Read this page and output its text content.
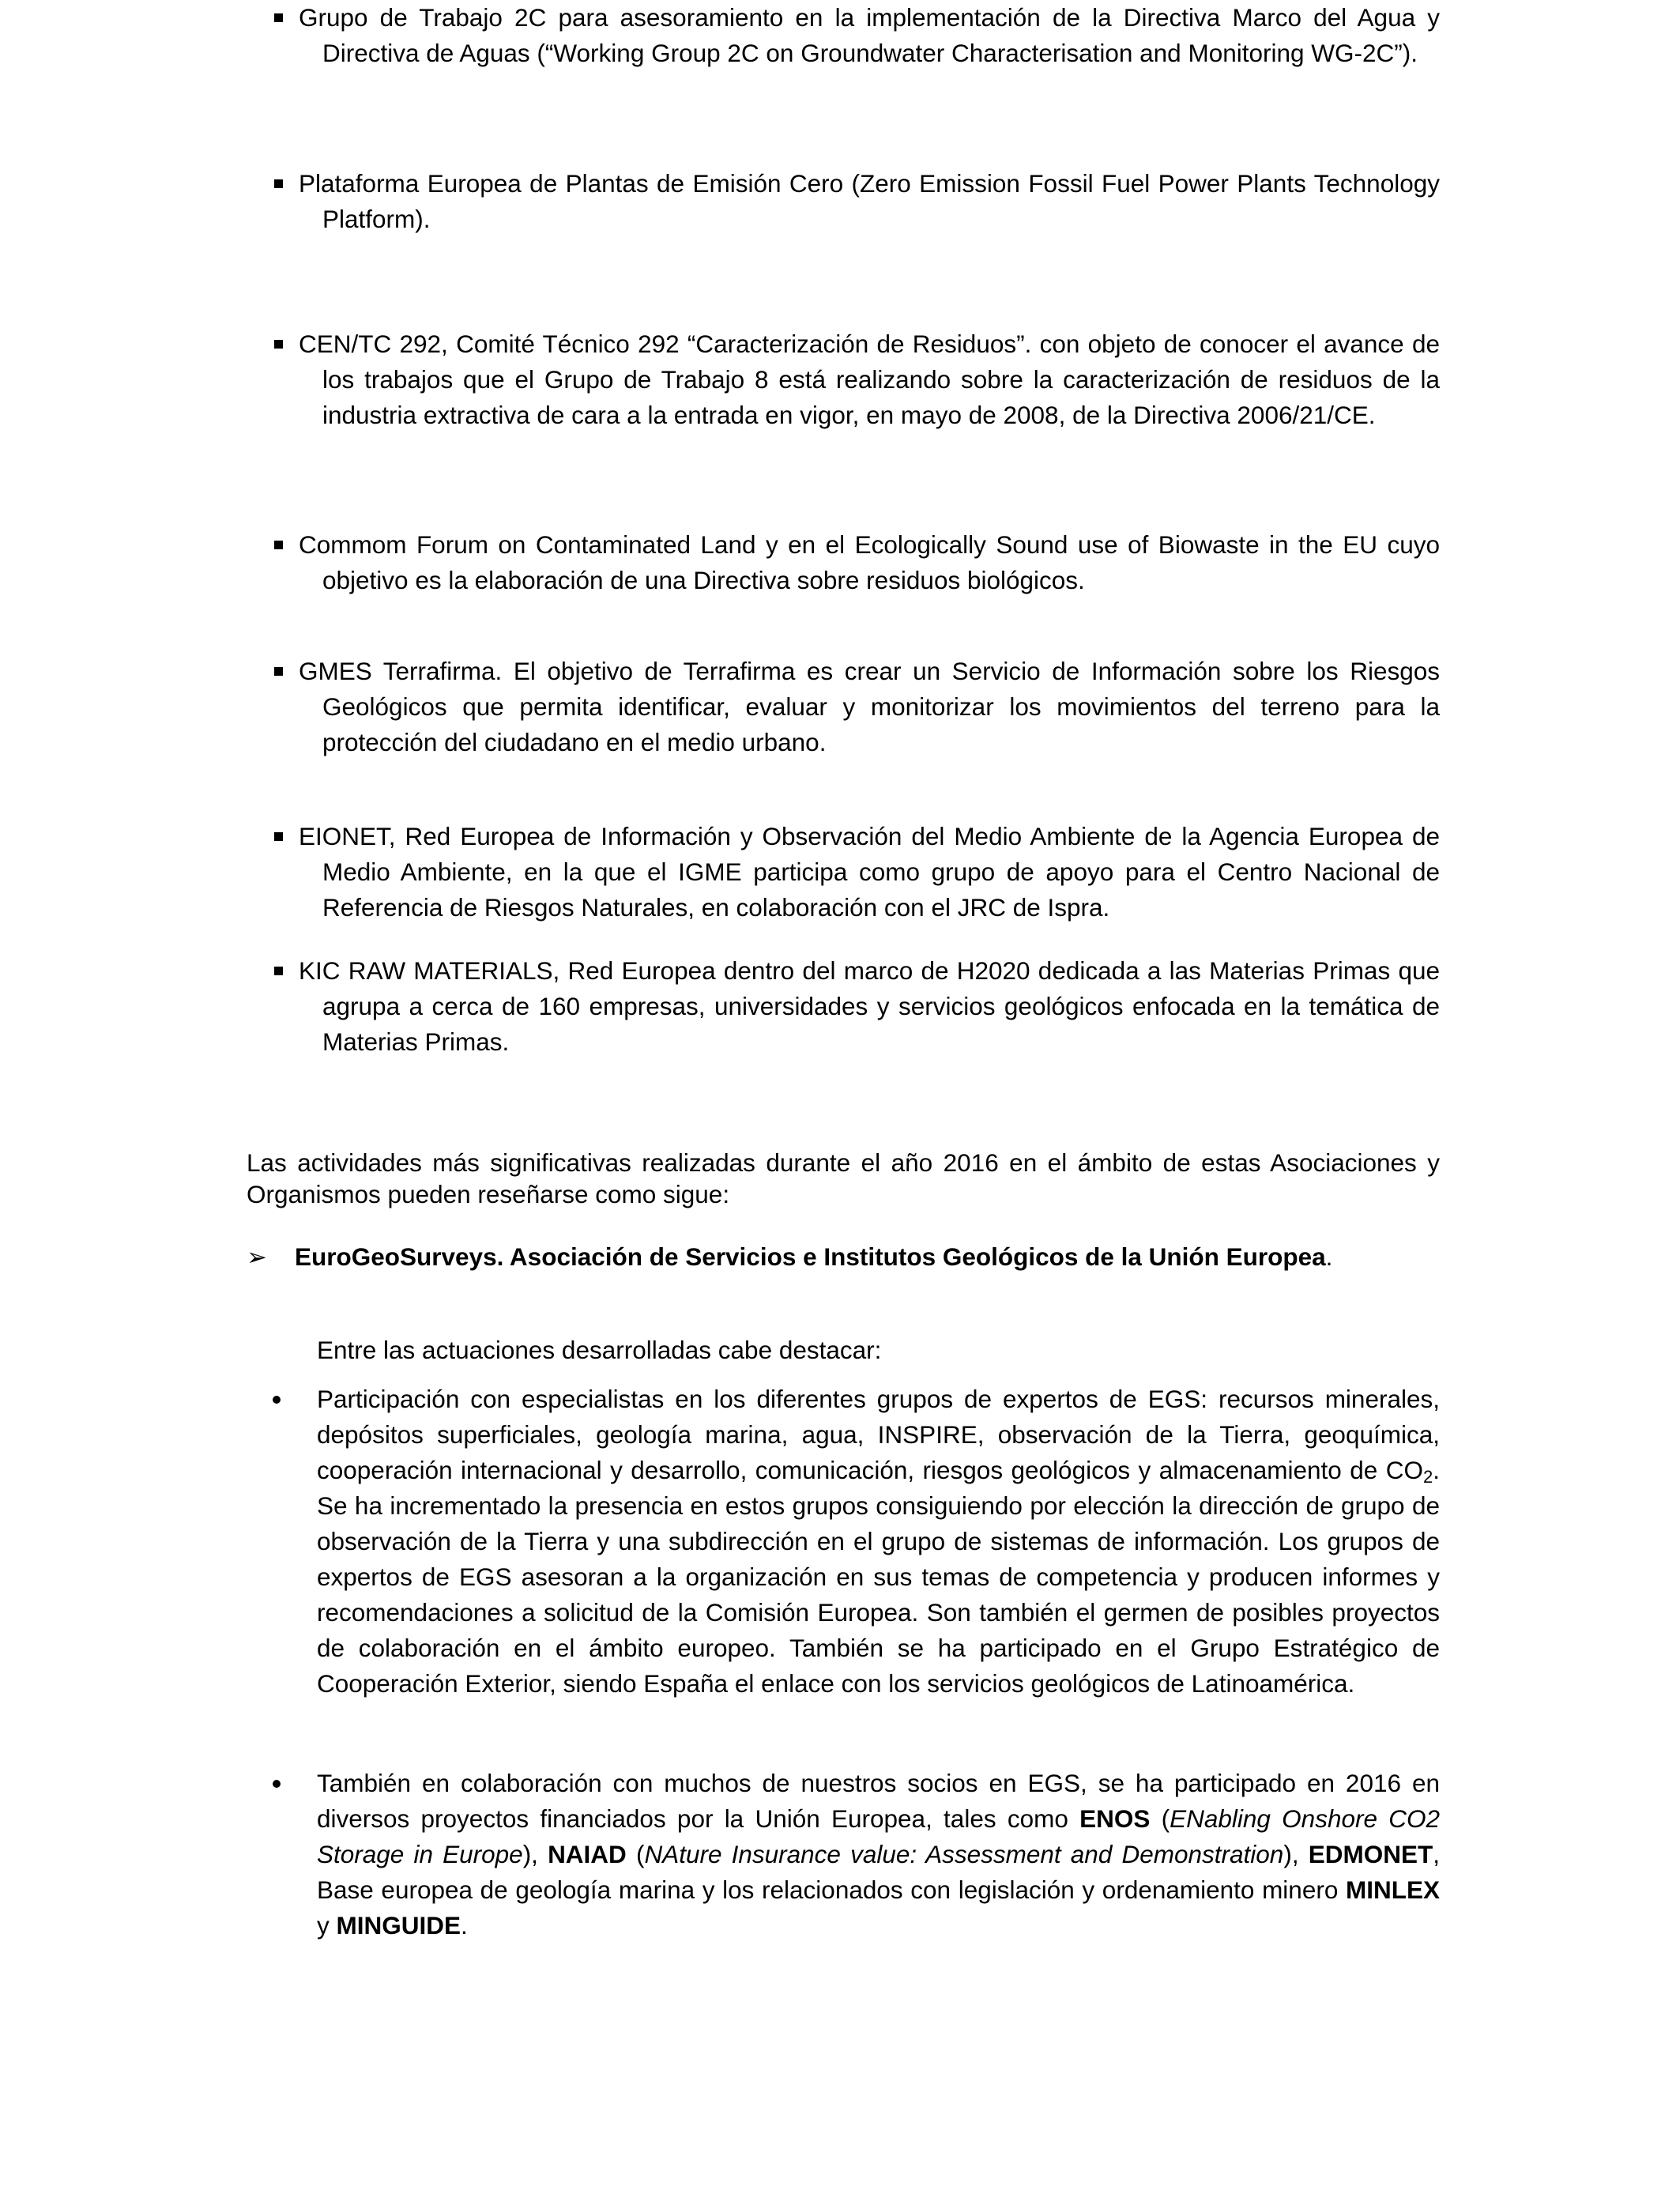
Grupo de Trabajo 2C para asesoramiento en la implementación de la Directiva Marco del Agua y Directiva de Aguas (“Working Group 2C on Groundwater Characterisation and Monitoring WG-2C”).
Plataforma Europea de Plantas de Emisión Cero (Zero Emission Fossil Fuel Power Plants Technology Platform).
CEN/TC 292, Comité Técnico 292 “Caracterización de Residuos”. con objeto de conocer el avance de los trabajos que el Grupo de Trabajo 8 está realizando sobre la caracterización de residuos de la industria extractiva de cara a la entrada en vigor, en mayo de 2008, de la Directiva 2006/21/CE.
Commom Forum on Contaminated Land y en el Ecologically Sound use of Biowaste in the EU cuyo objetivo es la elaboración de una Directiva sobre residuos biológicos.
GMES Terrafirma. El objetivo de Terrafirma es crear un Servicio de Información sobre los Riesgos Geológicos que permita identificar, evaluar y monitorizar los movimientos del terreno para la protección del ciudadano en el medio urbano.
EIONET, Red Europea de Información y Observación del Medio Ambiente de la Agencia Europea de Medio Ambiente, en la que el IGME participa como grupo de apoyo para el Centro Nacional de Referencia de Riesgos Naturales, en colaboración con el JRC de Ispra.
KIC RAW MATERIALS, Red Europea dentro del marco de H2020 dedicada a las Materias Primas que agrupa a cerca de 160 empresas, universidades y servicios geológicos enfocada en la temática de Materias Primas.
Las actividades más significativas realizadas durante el año 2016 en el ámbito de estas Asociaciones y Organismos pueden reseñarse como sigue:
➢ EuroGeoSurveys. Asociación de Servicios e Institutos Geológicos de la Unión Europea.
Entre las actuaciones desarrolladas cabe destacar:
Participación con especialistas en los diferentes grupos de expertos de EGS: recursos minerales, depósitos superficiales, geología marina, agua, INSPIRE, observación de la Tierra, geoquímica, cooperación internacional y desarrollo, comunicación, riesgos geológicos y almacenamiento de $CO_2$. Se ha incrementado la presencia en estos grupos consiguiendo por elección la dirección de grupo de observación de la Tierra y una subdirección en el grupo de sistemas de información. Los grupos de expertos de EGS asesoran a la organización en sus temas de competencia y producen informes y recomendaciones a solicitud de la Comisión Europea. Son también el germen de posibles proyectos de colaboración en el ámbito europeo. También se ha participado en el Grupo Estratégico de Cooperación Exterior, siendo España el enlace con los servicios geológicos de Latinoamérica.
También en colaboración con muchos de nuestros socios en EGS, se ha participado en 2016 en diversos proyectos financiados por la Unión Europea, tales como ENOS (ENabling Onshore CO2 Storage in Europe), NAIAD (NAture Insurance value: Assessment and Demonstration), EDMONET, Base europea de geología marina y los relacionados con legislación y ordenamiento minero MINLEX y MINGUIDE.
